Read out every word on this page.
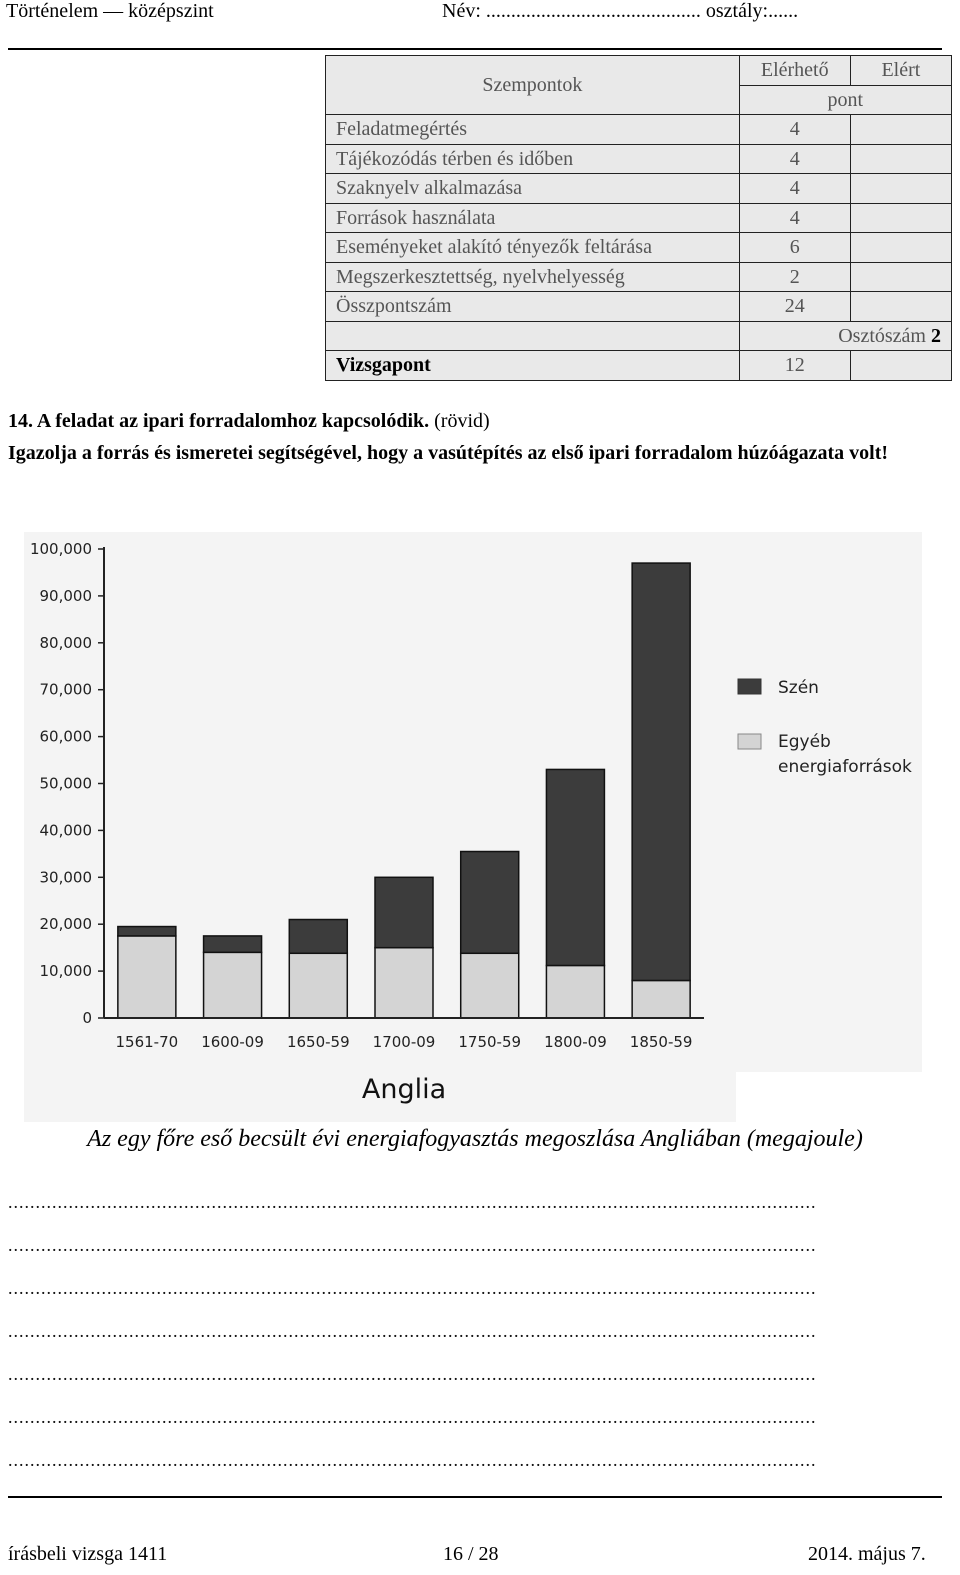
Történelem — középszint	Név: ........................................... osztály:......
Szempontok	Elérhető	Elért
	pont	
Feladatmegértés	4	
Tájékozódás térben és időben	4	
Szaknyelv alkalmazása	4	
Források használata	4	
Eseményeket alakító tényezők feltárása	6	
Megszerkesztettség, nyelvhelyesség	2	
Összpontszám	24	
	Osztószám 2	
Vizsgapont	12	
14. A feladat az ipari forradalomhoz kapcsolódik. (rövid)
Igazolja a forrás és ismeretei segítségével, hogy a vasútépítés az első ipari forradalom húzóágazata volt!
0
10,000
20,000
30,000
40,000
50,000
60,000
70,000
80,000
90,000
100,000
1561-70 1600-09 1650-59 1700-09 1750-59 1800-09 1850-59
Szén
Egyéb
energiaforrások
Anglia
Az egy főre eső becsült évi energiafogyasztás megoszlása Angliában (megajoule)
...................................................................................................................................................
...................................................................................................................................................
...................................................................................................................................................
...................................................................................................................................................
...................................................................................................................................................
...................................................................................................................................................
...................................................................................................................................................
írásbeli vizsga 1411	16 / 28	2014. május 7.
